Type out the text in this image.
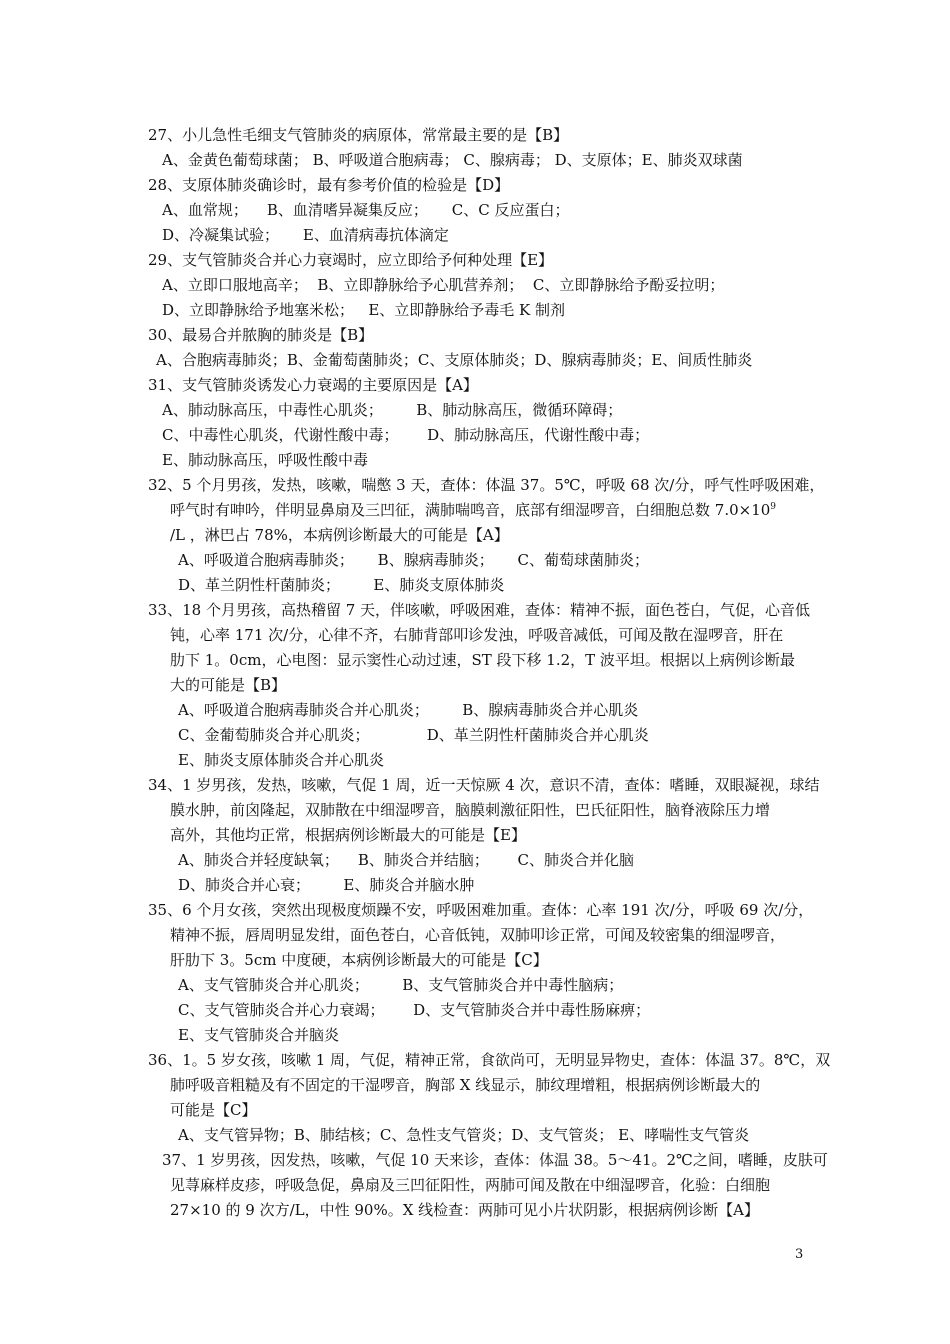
27、小儿急性毛细支气管肺炎的病原体，常常最主要的是【B】
A、金黄色葡萄球菌； B、呼吸道合胞病毒； C、腺病毒； D、支原体；E、肺炎双球菌
28、支原体肺炎确诊时，最有参考价值的检验是【D】
A、血常规；    B、血清嗜异凝集反应；     C、C 反应蛋白；
D、冷凝集试验；     E、血清病毒抗体滴定
29、支气管肺炎合并心力衰竭时，应立即给予何种处理【E】
A、立即口服地高辛；  B、立即静脉给予心肌营养剂；  C、立即静脉给予酚妥拉明；
D、立即静脉给予地塞米松；   E、立即静脉给予毒毛 K 制剂
30、最易合并脓胸的肺炎是【B】
A、合胞病毒肺炎；B、金葡萄菌肺炎；C、支原体肺炎；D、腺病毒肺炎；E、间质性肺炎
31、支气管肺炎诱发心力衰竭的主要原因是【A】
A、肺动脉高压，中毒性心肌炎；       B、肺动脉高压，微循环障碍；
C、中毒性心肌炎，代谢性酸中毒；      D、肺动脉高压，代谢性酸中毒；
E、肺动脉高压，呼吸性酸中毒
32、5 个月男孩，发热，咳嗽，喘憋 3 天，查体：体温 37。5℃，呼吸 68 次/分，呼气性呼吸困难，
呼气时有呻吟，伴明显鼻扇及三凹征，满肺喘鸣音，底部有细湿啰音，白细胞总数 $7.0\times 10^9$
/L ，淋巴占 78%，本病例诊断最大的可能是【A】
A、呼吸道合胞病毒肺炎；     B、腺病毒肺炎；     C、葡萄球菌肺炎；
D、革兰阴性杆菌肺炎；       E、肺炎支原体肺炎
33、18 个月男孩，高热稽留 7 天，伴咳嗽，呼吸困难，查体：精神不振，面色苍白，气促，心音低
钝，心率 171 次/分，心律不齐，右肺背部叩诊发浊，呼吸音减低，可闻及散在湿啰音，肝在
肋下 1。0cm，心电图：显示窦性心动过速，ST 段下移 1.2，T 波平坦。根据以上病例诊断最
大的可能是【B】
A、呼吸道合胞病毒肺炎合并心肌炎；       B、腺病毒肺炎合并心肌炎
C、金葡萄肺炎合并心肌炎；            D、革兰阴性杆菌肺炎合并心肌炎
E、肺炎支原体肺炎合并心肌炎
34、1 岁男孩，发热，咳嗽，气促 1 周，近一天惊厥 4 次，意识不清，查体：嗜睡，双眼凝视，球结
膜水肿，前囟隆起，双肺散在中细湿啰音，脑膜刺激征阳性，巴氏征阳性，脑脊液除压力增
高外，其他均正常，根据病例诊断最大的可能是【E】
A、肺炎合并轻度缺氧；    B、肺炎合并结脑；      C、肺炎合并化脑
D、肺炎合并心衰；       E、肺炎合并脑水肿
35、6 个月女孩，突然出现极度烦躁不安，呼吸困难加重。查体：心率 191 次/分，呼吸 69 次/分，
精神不振，唇周明显发绀，面色苍白，心音低钝，双肺叩诊正常，可闻及较密集的细湿啰音，
肝肋下 3。5cm 中度硬，本病例诊断最大的可能是【C】
A、支气管肺炎合并心肌炎；       B、支气管肺炎合并中毒性脑病；
C、支气管肺炎合并心力衰竭；      D、支气管肺炎合并中毒性肠麻痹；
E、支气管肺炎合并脑炎
36、1。5 岁女孩，咳嗽 1 周，气促，精神正常，食欲尚可，无明显异物史，查体：体温 37。8℃，双
肺呼吸音粗糙及有不固定的干湿啰音，胸部 X 线显示，肺纹理增粗，根据病例诊断最大的
可能是【C】
A、支气管异物；B、肺结核；C、急性支气管炎；D、支气管炎； E、哮喘性支气管炎
37、1 岁男孩，因发热，咳嗽，气促 10 天来诊，查体：体温 38。5～41。2℃之间，嗜睡，皮肤可
见荨麻样皮疹，呼吸急促，鼻扇及三凹征阳性，两肺可闻及散在中细湿啰音，化验：白细胞
27×10 的 9 次方/L，中性 90%。X 线检查：两肺可见小片状阴影，根据病例诊断【A】
3
